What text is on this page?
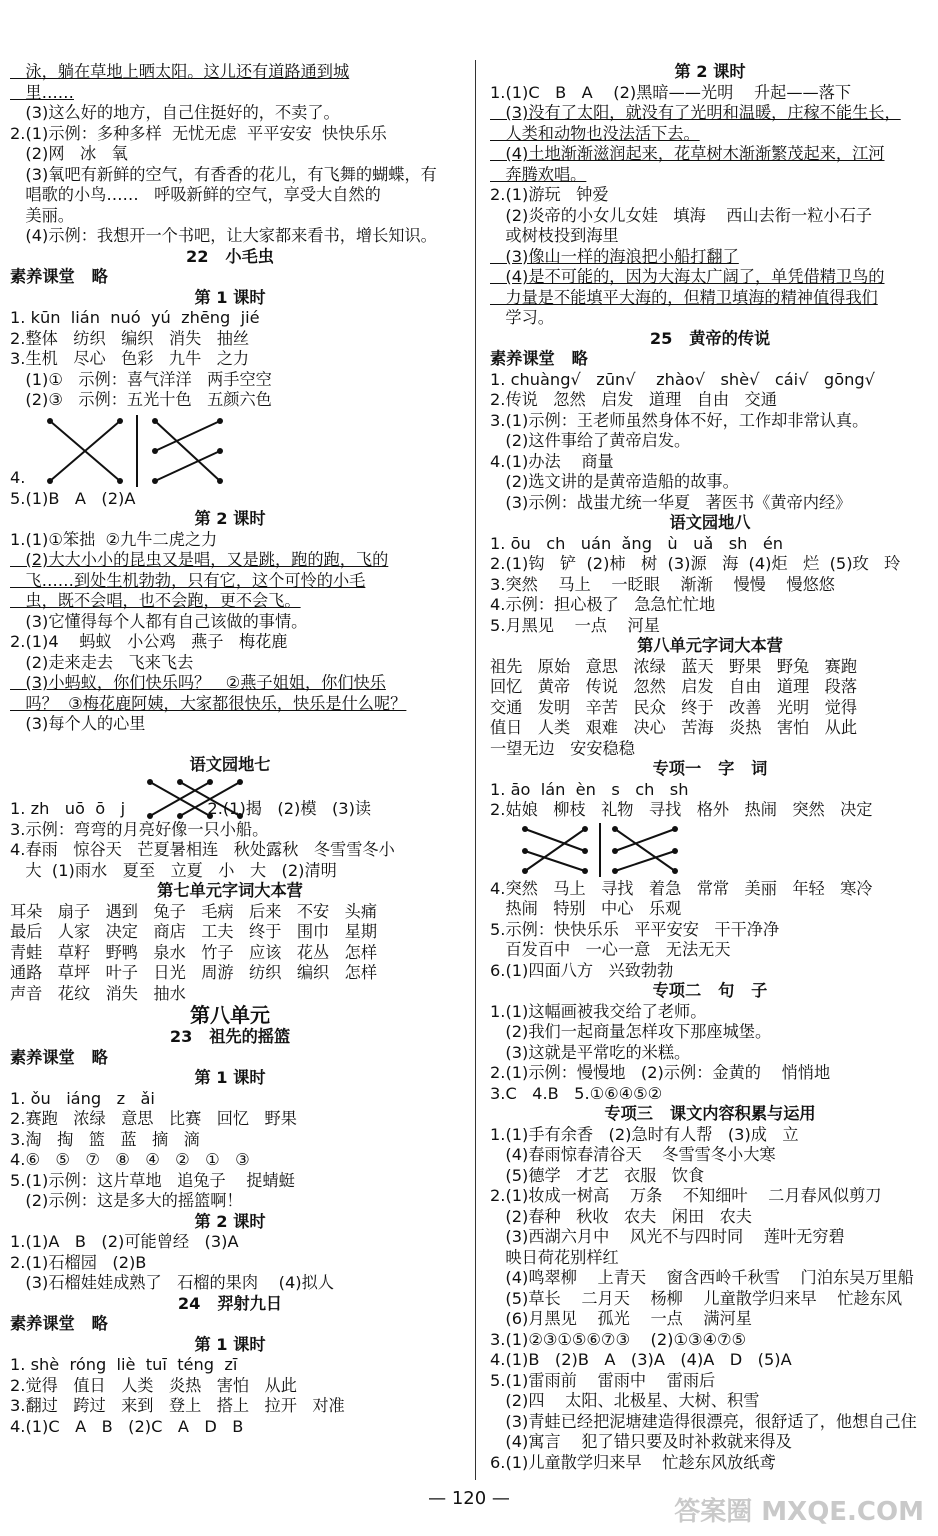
泳，躺在草地上晒太阳。这儿还有道路通到城
里……
(3)这么好的地方，自己住挺好的，不卖了。
2.(1)示例：多种多样  无忧无虑  平平安安  快快乐乐
(2)网   冰   氧
(3)氧吧有新鲜的空气，有香香的花儿，有飞舞的蝴蝶，有
唱歌的小鸟……   呼吸新鲜的空气，享受大自然的
美丽。
(4)示例：我想开一个书吧，让大家都来看书，增长知识。
22   小毛虫
素养课堂   略
第 1 课时
1. kūn  lián  nuó  yú  zhēng  jié
2.整体   纺织   编织   消失   抽丝
3.生机   尽心   色彩   九牛   之力
(1)①   示例：喜气洋洋   两手空空
(2)③   示例：五光十色   五颜六色
4.
5.(1)B   A   (2)A
第 2 课时
1.(1)①笨拙  ②九牛二虎之力
(2)大大小小的昆虫又是唱，又是跳，跑的跑，飞的
飞……到处生机勃勃，只有它，这个可怜的小毛
虫，既不会唱，也不会跑，更不会飞。
(3)它懂得每个人都有自己该做的事情。
2.(1)4    蚂蚁   小公鸡   燕子   梅花鹿
(2)走来走去   飞来飞去
(3)小蚂蚁，你们快乐吗？   ②燕子姐姐，你们快乐
吗？  ③梅花鹿阿姨，大家都很快乐，快乐是什么呢？
(3)每个人的心里

语文园地七
1. zh   uō  ō   j                2.(1)揭   (2)模   (3)读
3.示例：弯弯的月亮好像一只小船。
4.春雨   惊谷天   芒夏暑相连   秋处露秋   冬雪雪冬小
大  (1)雨水   夏至   立夏   小   大   (2)清明
第七单元字词大本营
耳朵   扇子   遇到   兔子   毛病   后来   不安   头痛
最后   人家   决定   商店   工夫   终于   围巾   星期
青蛙   草籽   野鸭   泉水   竹子   应该   花丛   怎样
通路   草坪   叶子   日光   周游   纺织   编织   怎样
声音   花纹   消失   抽水
第八单元
23   祖先的摇篮
素养课堂   略
第 1 课时
1. ǒu   iáng   z   ǎi
2.赛跑   浓绿   意思   比赛   回忆   野果
3.淘   掏   篮   蓝   摘   滴
4.⑥   ⑤   ⑦   ⑧   ④   ②   ①   ③
5.(1)示例：这片草地   追兔子    捉蜻蜓
(2)示例：这是多大的摇篮啊！
第 2 课时
1.(1)A   B   (2)可能曾经   (3)A
2.(1)石榴园   (2)B
(3)石榴娃娃成熟了   石榴的果肉    (4)拟人
24   羿射九日
素养课堂   略
第 1 课时
1. shè  róng  liè  tuī  téng  zī
2.觉得   值日   人类   炎热   害怕   从此
3.翻过   跨过   来到   登上   搭上   拉开   对准
4.(1)C   A   B   (2)C   A   D   B
第 2 课时
1.(1)C   B   A    (2)黑暗——光明    升起——落下
(3)没有了太阳，就没有了光明和温暖，庄稼不能生长，
人类和动物也没法活下去。
(4)土地渐渐滋润起来，花草树木渐渐繁茂起来，江河
奔腾欢唱。
2.(1)游玩   钟爱
(2)炎帝的小女儿女娃   填海    西山去衔一粒小石子
或树枝投到海里
(3)像山一样的海浪把小船打翻了
(4)是不可能的，因为大海太广阔了，单凭借精卫鸟的
力量是不能填平大海的，但精卫填海的精神值得我们
学习。
25   黄帝的传说
素养课堂   略
1. chuàng√   zūn√    zhào√   shè√   cái√   gōng√
2.传说   忽然   启发   道理   自由   交通
3.(1)示例：王老师虽然身体不好，工作却非常认真。
(2)这件事给了黄帝启发。
4.(1)办法    商量
(2)选文讲的是黄帝造船的故事。
(3)示例：战蚩尤统一华夏   著医书《黄帝内经》
语文园地八
1. ōu   ch   uán  ǎng   ù   uǎ   sh   én
2.(1)钩   铲  (2)柿   树  (3)源   海  (4)炬   烂  (5)玫   玲
3.突然    马上    一眨眼    渐渐    慢慢    慢悠悠
4.示例：担心极了   急急忙忙地
5.月黑见    一点    河星
第八单元字词大本营
祖先   原始   意思   浓绿   蓝天   野果   野兔   赛跑
回忆   黄帝   传说   忽然   启发   自由   道理   段落
交通   发明   辛苦   民众   终于   改善   光明   觉得
值日   人类   艰难   决心   苦海   炎热   害怕   从此
一望无边   安安稳稳
专项一   字   词
1. āo  lán  èn   s   ch   sh
2.姑娘   柳枝   礼物   寻找   格外   热闹   突然   决定
4.突然   马上   寻找   着急   常常   美丽   年轻   寒冷
热闹   特别   中心   乐观
5.示例：快快乐乐   平平安安   干干净净
百发百中   一心一意   无法无天
6.(1)四面八方   兴致勃勃
专项二   句   子
1.(1)这幅画被我交给了老师。
(2)我们一起商量怎样攻下那座城堡。
(3)这就是平常吃的米糕。
2.(1)示例：慢慢地   (2)示例：金黄的    悄悄地
3.C   4.B   5.①⑥④⑤②
专项三   课文内容积累与运用
1.(1)手有余香   (2)急时有人帮   (3)成   立
(4)春雨惊春清谷天    冬雪雪冬小大寒
(5)德学   才艺   衣服   饮食
2.(1)妆成一树高    万条    不知细叶    二月春风似剪刀
(2)春种   秋收   农夫   闲田   农夫
(3)西湖六月中    风光不与四时同    莲叶无穷碧
映日荷花别样红
(4)鸣翠柳    上青天    窗含西岭千秋雪    门泊东吴万里船
(5)草长    二月天    杨柳    儿童散学归来早    忙趁东风
(6)月黑见    孤光    一点    满河星
3.(1)②③①⑤⑥⑦③    (2)①③④⑦⑤
4.(1)B   (2)B   A   (3)A   (4)A   D   (5)A
5.(1)雷雨前    雷雨中    雷雨后
(2)四    太阳、北极星、大树、积雪
(3)青蛙已经把泥塘建造得很漂亮，很舒适了，他想自己住
(4)寓言    犯了错只要及时补救就来得及
6.(1)儿童散学归来早    忙趁东风放纸鸢
— 120 —	答案圈 MXQE.COM
